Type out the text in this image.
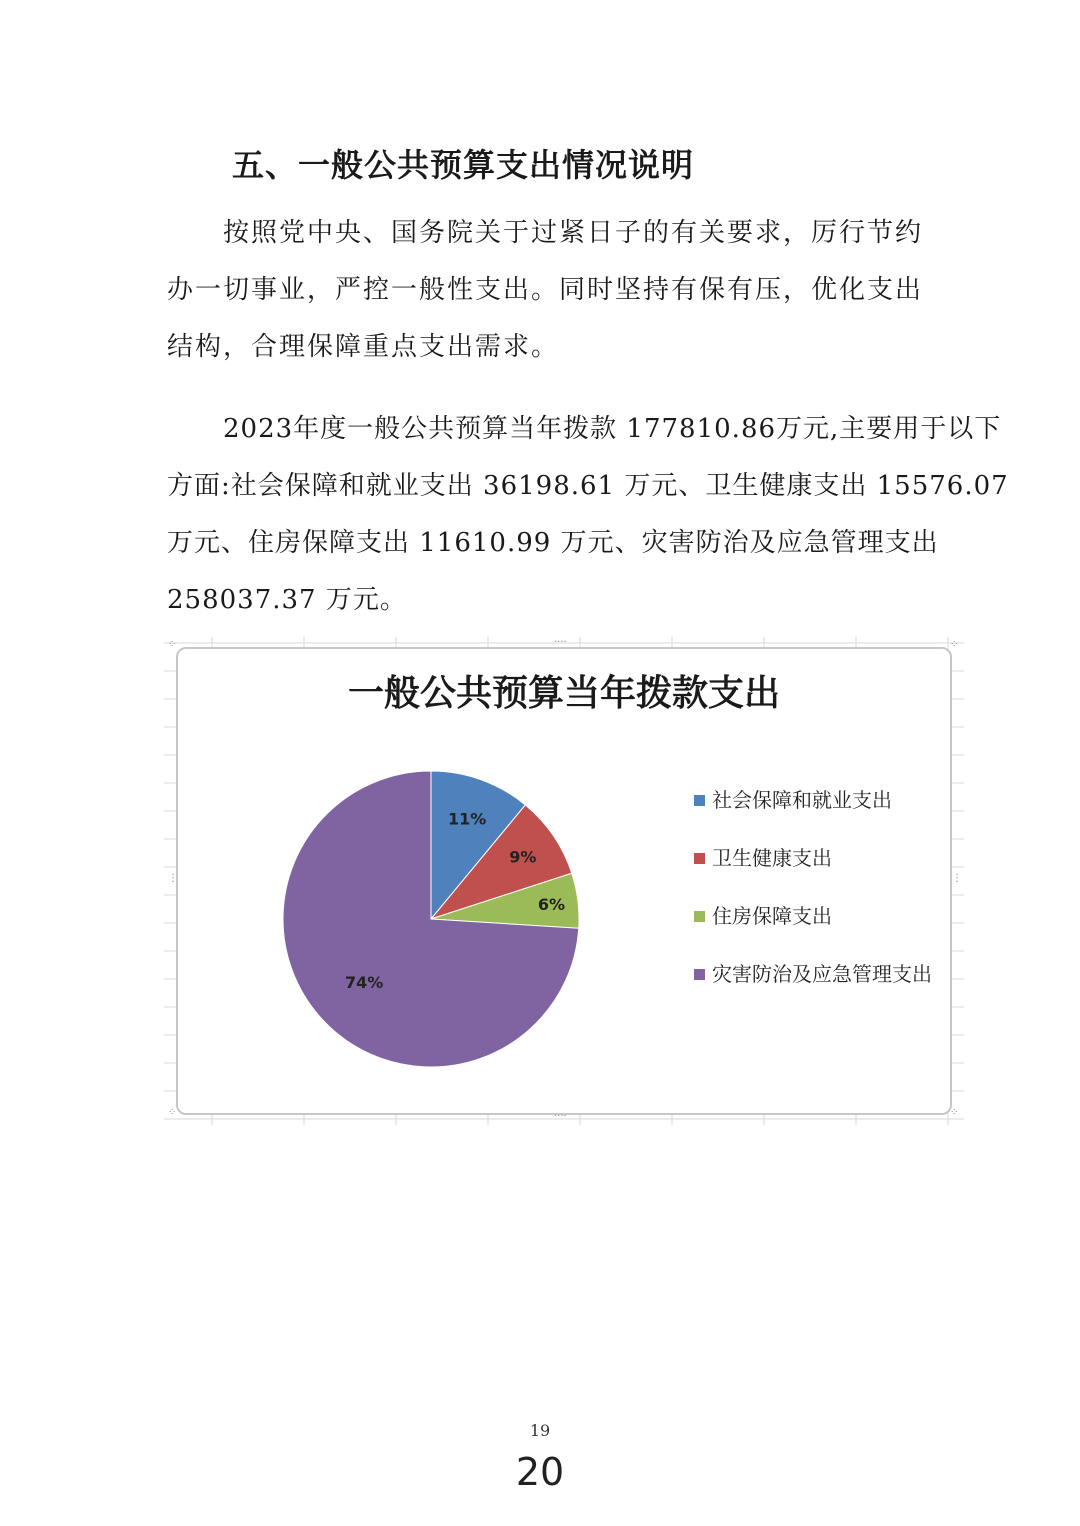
五、一般公共预算支出情况说明
按照党中央、国务院关于过紧日子的有关要求，厉行节约
办一切事业，严控一般性支出。同时坚持有保有压，优化支出
结构，合理保障重点支出需求。
2023年度一般公共预算当年拨款 177810.86万元,主要用于以下
方面:社会保障和就业支出 36198.61 万元、卫生健康支出 15576.07
万元、住房保障支出 11610.99 万元、灾害防治及应急管理支出
258037.37 万元。
⁘	····	⁘
⋮	⋮
⁘	····	⁘
一般公共预算当年拨款支出
11%
9%
6%
74%
社会保障和就业支出
卫生健康支出
住房保障支出
灾害防治及应急管理支出
19
20
